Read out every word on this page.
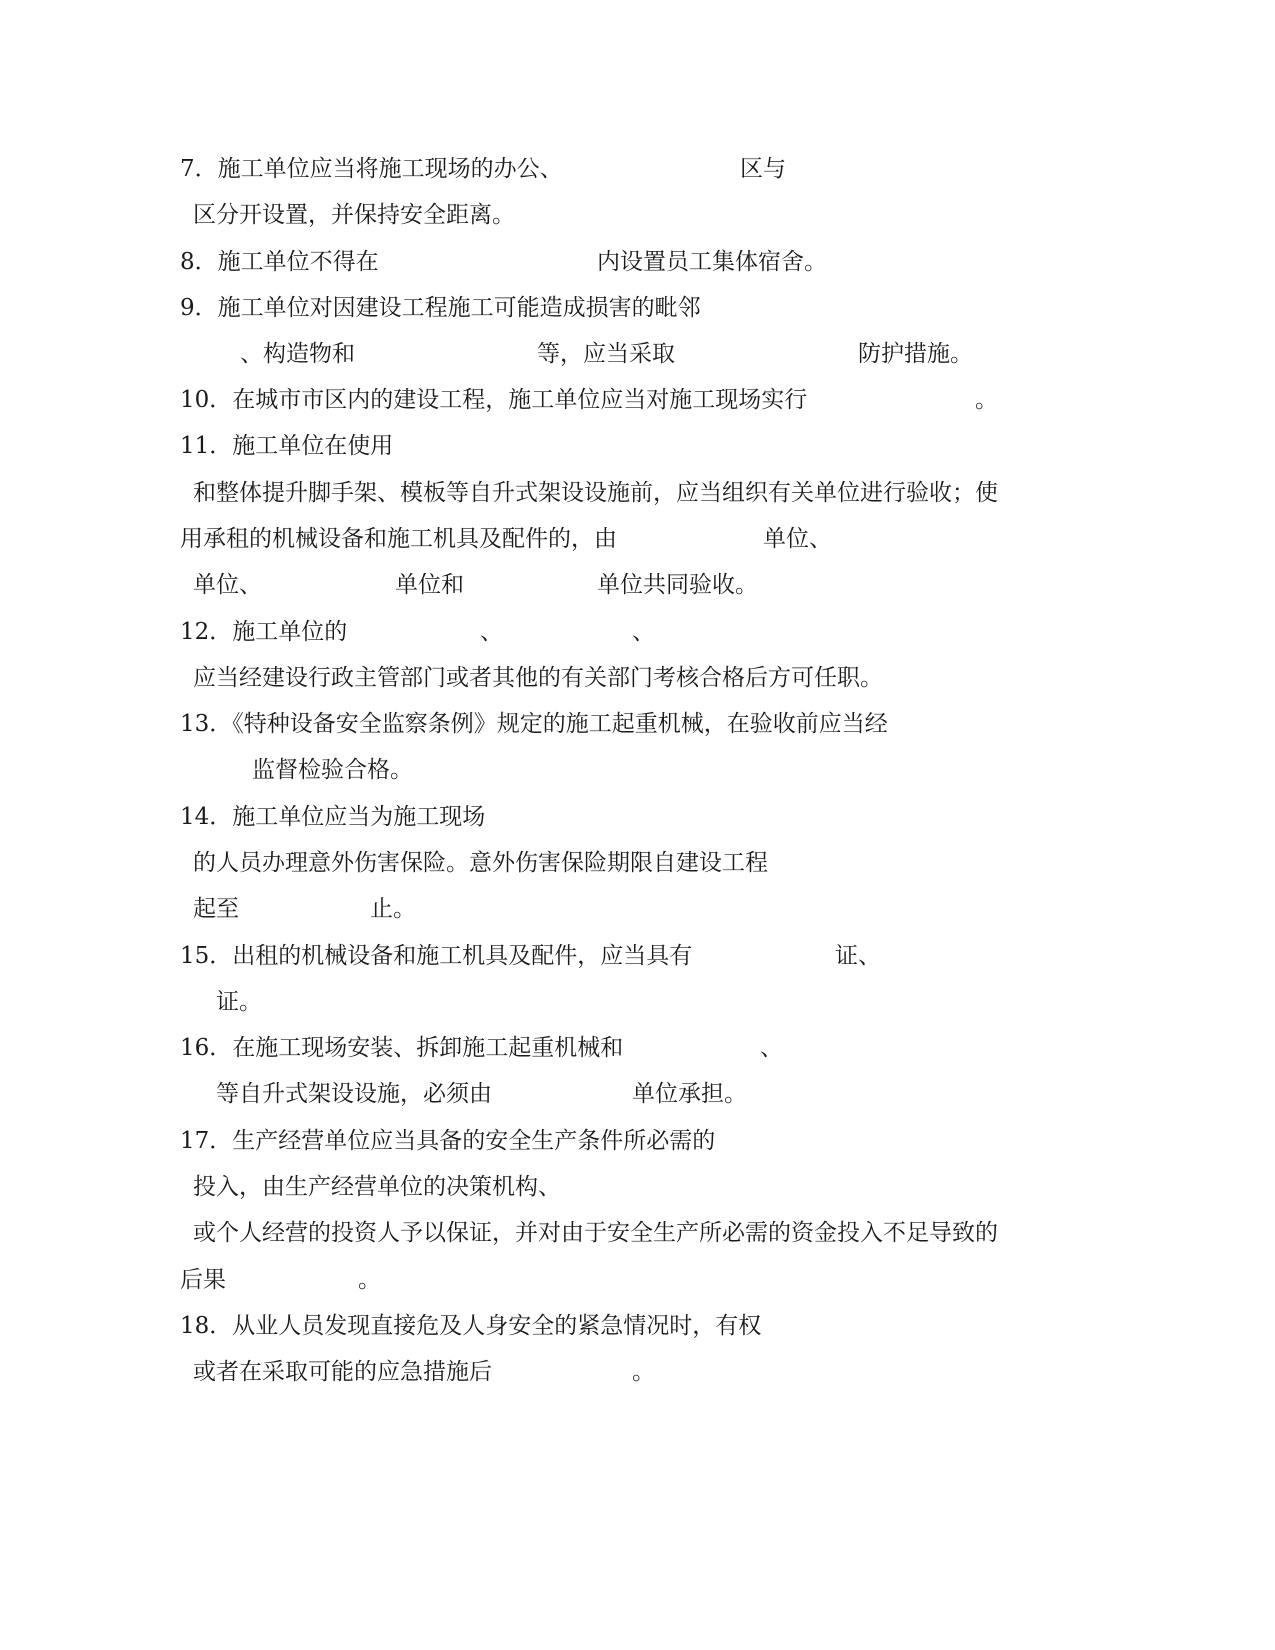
7．施工单位应当将施工现场的办公、	区与
区分开设置，并保持安全距离。
8．施工单位不得在	内设置员工集体宿舍。
9．施工单位对因建设工程施工可能造成损害的毗邻
、构造物和	等，应当采取	防护措施。
10．在城市市区内的建设工程，施工单位应当对施工现场实行	。
11．施工单位在使用
和整体提升脚手架、模板等自升式架设设施前，应当组织有关单位进行验收；使
用承租的机械设备和施工机具及配件的，由	单位、
单位、	单位和	单位共同验收。
12．施工单位的	、	、
应当经建设行政主管部门或者其他的有关部门考核合格后方可任职。
13．《特种设备安全监察条例》规定的施工起重机械，在验收前应当经
监督检验合格。
14．施工单位应当为施工现场
的人员办理意外伤害保险。意外伤害保险期限自建设工程
起至	止。
15．出租的机械设备和施工机具及配件，应当具有	证、
证。
16．在施工现场安装、拆卸施工起重机械和	、
等自升式架设设施，必须由	单位承担。
17．生产经营单位应当具备的安全生产条件所必需的
投入，由生产经营单位的决策机构、
或个人经营的投资人予以保证，并对由于安全生产所必需的资金投入不足导致的
后果	。
18．从业人员发现直接危及人身安全的紧急情况时，有权
或者在采取可能的应急措施后	。
